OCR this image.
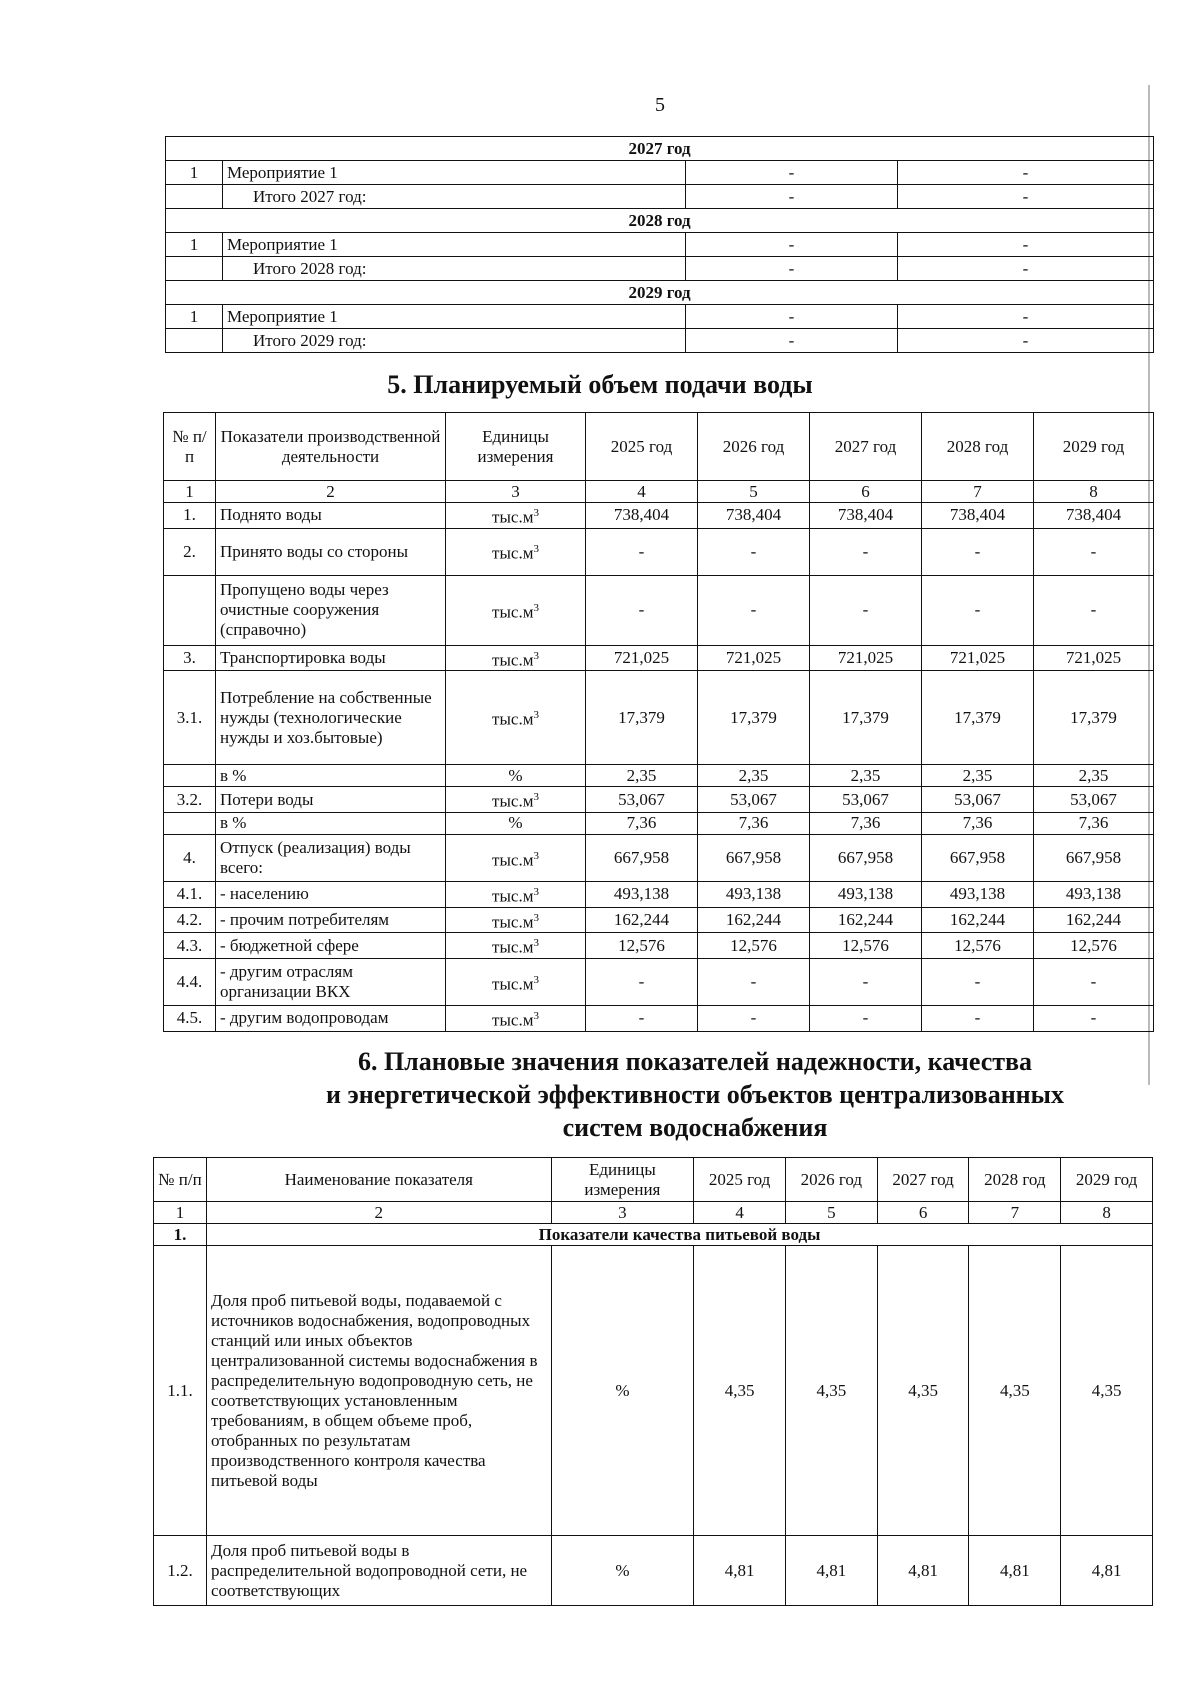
5
2027 год			
1	Мероприятие 1	-	-
	Итого 2027 год:	-	-
2028 год			
1	Мероприятие 1	-	-
	Итого 2028 год:	-	-
2029 год			
1	Мероприятие 1	-	-
	Итого 2029 год:	-	-
5. Планируемый объем подачи воды
№ п/п	Показатели производственной деятельности	Единицы измерения	2025 год	2026 год	2027 год	2028 год	2029 год
1	2	3	4	5	6	7	8
1.	Поднято воды	$тыс.м^3$	738,404	738,404	738,404	738,404	738,404
2.	Принято воды со стороны	$тыс.м^3$	-	-	-	-	-
	Пропущено воды через очистные сооружения (справочно)	$тыс.м^3$	-	-	-	-	-
3.	Транспортировка воды	$тыс.м^3$	721,025	721,025	721,025	721,025	721,025
3.1.	Потребление на собственные нужды (технологические нужды и хоз.бытовые)	$тыс.м^3$	17,379	17,379	17,379	17,379	17,379
	в %	%	2,35	2,35	2,35	2,35	2,35
3.2.	Потери воды	$тыс.м^3$	53,067	53,067	53,067	53,067	53,067
	в %	%	7,36	7,36	7,36	7,36	7,36
4.	Отпуск (реализация) воды всего:	$тыс.м^3$	667,958	667,958	667,958	667,958	667,958
4.1.	- населению	$тыс.м^3$	493,138	493,138	493,138	493,138	493,138
4.2.	- прочим потребителям	$тыс.м^3$	162,244	162,244	162,244	162,244	162,244
4.3.	- бюджетной сфере	$тыс.м^3$	12,576	12,576	12,576	12,576	12,576
4.4.	- другим отраслям организации ВКХ	$тыс.м^3$	-	-	-	-	-
4.5.	- другим водопроводам	$тыс.м^3$	-	-	-	-	-
6. Плановые значения показателей надежности, качества
и энергетической эффективности объектов централизованных
систем водоснабжения
№ п/п	Наименование показателя	Единицы измерения	2025 год	2026 год	2027 год	2028 год	2029 год
1	2	3	4	5	6	7	8
1.	Показатели качества питьевой воды						
1.1.	Доля проб питьевой воды, подаваемой с источников водоснабжения, водопроводных станций или иных объектов централизованной системы водоснабжения в распределительную водопроводную сеть, не соответствующих установленным требованиям, в общем объеме проб, отобранных по результатам производственного контроля качества питьевой воды	%	4,35	4,35	4,35	4,35	4,35
1.2.	Доля проб питьевой воды в распределительной водопроводной сети, не соответствующих	%	4,81	4,81	4,81	4,81	4,81
